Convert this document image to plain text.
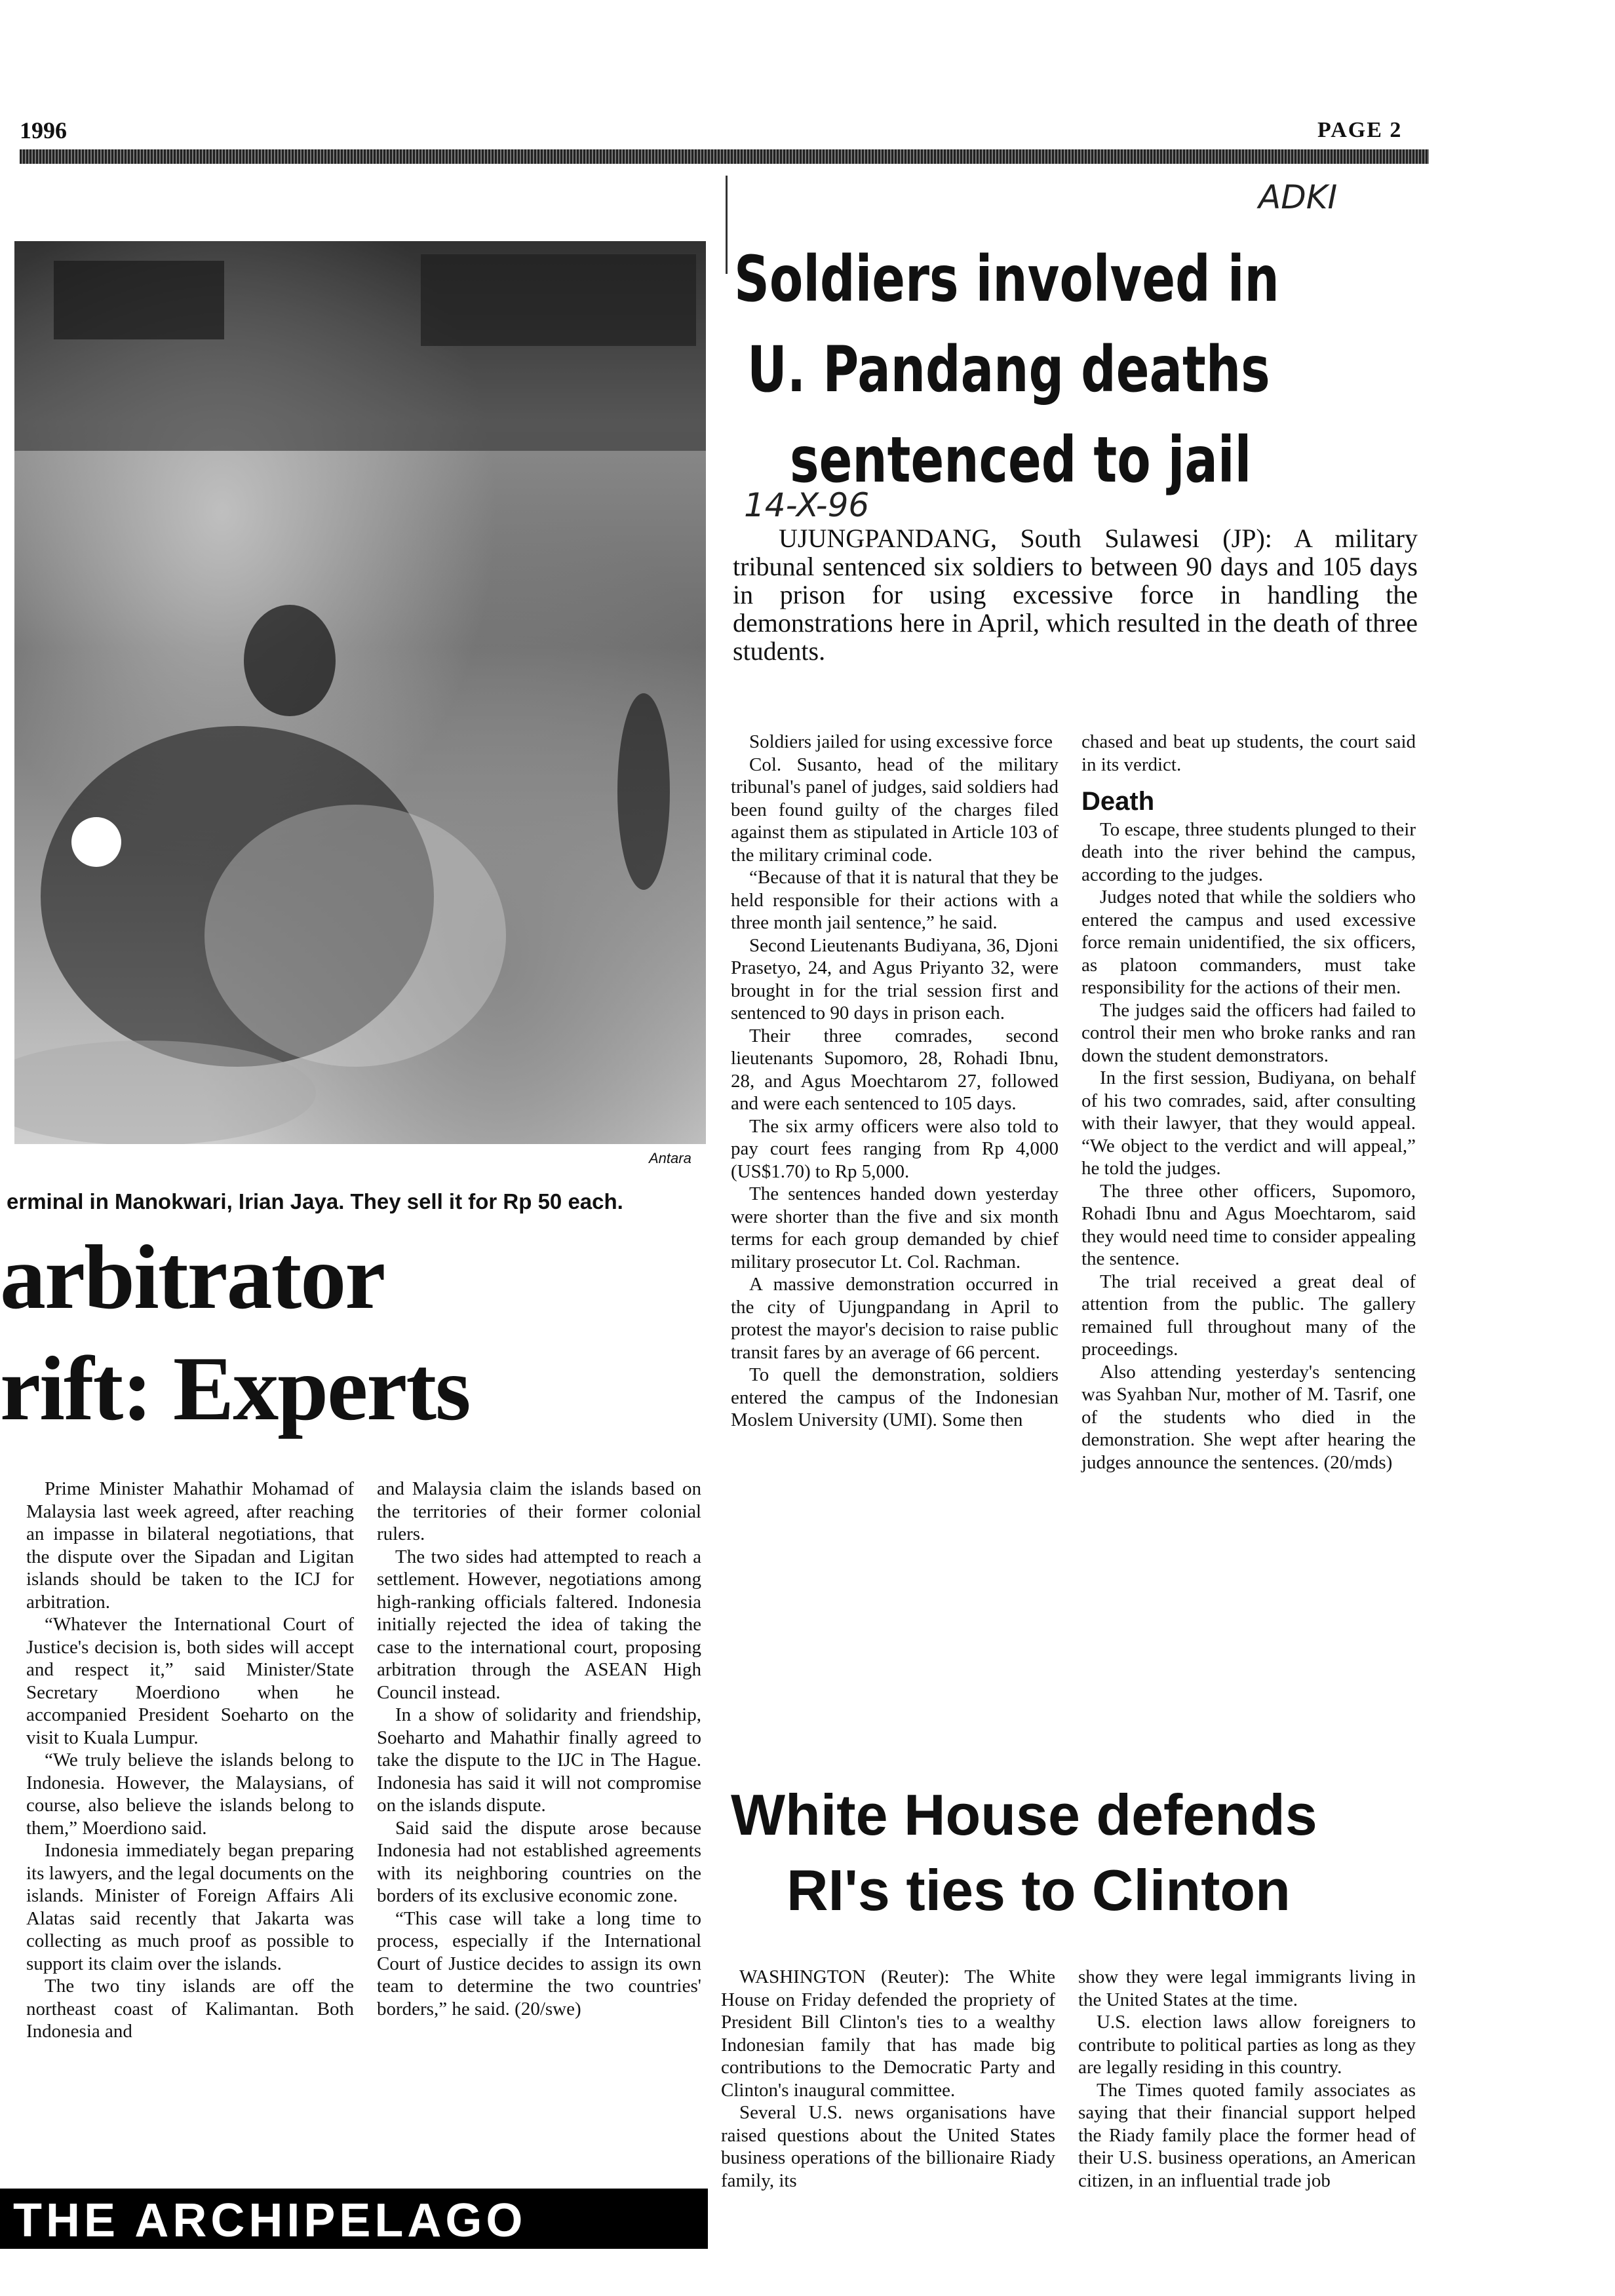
1996	PAGE 2
ADKI
14-X-96
Antara
erminal in Manokwari, Irian Jaya. They sell it for Rp 50 each.
Soldiers involved in
U. Pandang deaths
sentenced to jail
UJUNGPANDANG, South Sulawesi (JP): A military tribunal sentenced six soldiers to between 90 days and 105 days in prison for using excessive force in handling the demonstrations here in April, which resulted in the death of three students.

Soldiers jailed for using excessive force

Col. Susanto, head of the military tribunal's panel of judges, said soldiers had been found guilty of the charges filed against them as stipulated in Article 103 of the military criminal code.

“Because of that it is natural that they be held responsible for their actions with a three month jail sentence,” he said.

Second Lieutenants Budiyana, 36, Djoni Prasetyo, 24, and Agus Priyanto 32, were brought in for the trial session first and sentenced to 90 days in prison each.

Their three comrades, second lieutenants Supomoro, 28, Rohadi Ibnu, 28, and Agus Moechtarom 27, followed and were each sentenced to 105 days.

The six army officers were also told to pay court fees ranging from Rp 4,000 (US$1.70) to Rp 5,000.

The sentences handed down yesterday were shorter than the five and six month terms for each group demanded by chief military prosecutor Lt. Col. Rachman.

A massive demonstration occurred in the city of Ujungpandang in April to protest the mayor's decision to raise public transit fares by an average of 66 percent.

To quell the demonstration, soldiers entered the campus of the Indonesian Moslem University (UMI). Some then

chased and beat up students, the court said in its verdict.

Death

To escape, three students plunged to their death into the river behind the campus, according to the judges.

Judges noted that while the soldiers who entered the campus and used excessive force remain unidentified, the six officers, as platoon commanders, must take responsibility for the actions of their men.

The judges said the officers had failed to control their men who broke ranks and ran down the student demonstrators.

In the first session, Budiyana, on behalf of his two comrades, said, after consulting with their lawyer, that they would appeal. “We object to the verdict and will appeal,” he told the judges.

The three other officers, Supomoro, Rohadi Ibnu and Agus Moechtarom, said they would need time to consider appealing the sentence.

The trial received a great deal of attention from the public. The gallery remained full throughout many of the proceedings.

Also attending yesterday's sentencing was Syahban Nur, mother of M. Tasrif, one of the students who died in the demonstration. She wept after hearing the judges announce the sentences. (20/mds)

arbitrator
rift: Experts

Prime Minister Mahathir Mohamad of Malaysia last week agreed, after reaching an impasse in bilateral negotiations, that the dispute over the Sipadan and Ligitan islands should be taken to the ICJ for arbitration.

“Whatever the International Court of Justice's decision is, both sides will accept and respect it,” said Minister/State Secretary Moerdiono when he accompanied President Soeharto on the visit to Kuala Lumpur.

“We truly believe the islands belong to Indonesia. However, the Malaysians, of course, also believe the islands belong to them,” Moerdiono said.

Indonesia immediately began preparing its lawyers, and the legal documents on the islands. Minister of Foreign Affairs Ali Alatas said recently that Jakarta was collecting as much proof as possible to support its claim over the islands.

The two tiny islands are off the northeast coast of Kalimantan. Both Indonesia and

and Malaysia claim the islands based on the territories of their former colonial rulers.

The two sides had attempted to reach a settlement. However, negotiations among high-ranking officials faltered. Indonesia initially rejected the idea of taking the case to the international court, proposing arbitration through the ASEAN High Council instead.

In a show of solidarity and friendship, Soeharto and Mahathir finally agreed to take the dispute to the IJC in The Hague. Indonesia has said it will not compromise on the islands dispute.

Said said the dispute arose because Indonesia had not established agreements with its neighboring countries on the borders of its exclusive economic zone.

“This case will take a long time to process, especially if the International Court of Justice decides to assign its own team to determine the two countries' borders,” he said. (20/swe)

White House defends
RI's ties to Clinton

WASHINGTON (Reuter): The White House on Friday defended the propriety of President Bill Clinton's ties to a wealthy Indonesian family that has made big contributions to the Democratic Party and Clinton's inaugural committee.

Several U.S. news organisations have raised questions about the United States business operations of the billionaire Riady family, its

show they were legal immigrants living in the United States at the time.

U.S. election laws allow foreigners to contribute to political parties as long as they are legally residing in this country.

The Times quoted family associates as saying that their financial support helped the Riady family place the former head of their U.S. business operations, an American citizen, in an influential trade job

THE ARCHIPELAGO
